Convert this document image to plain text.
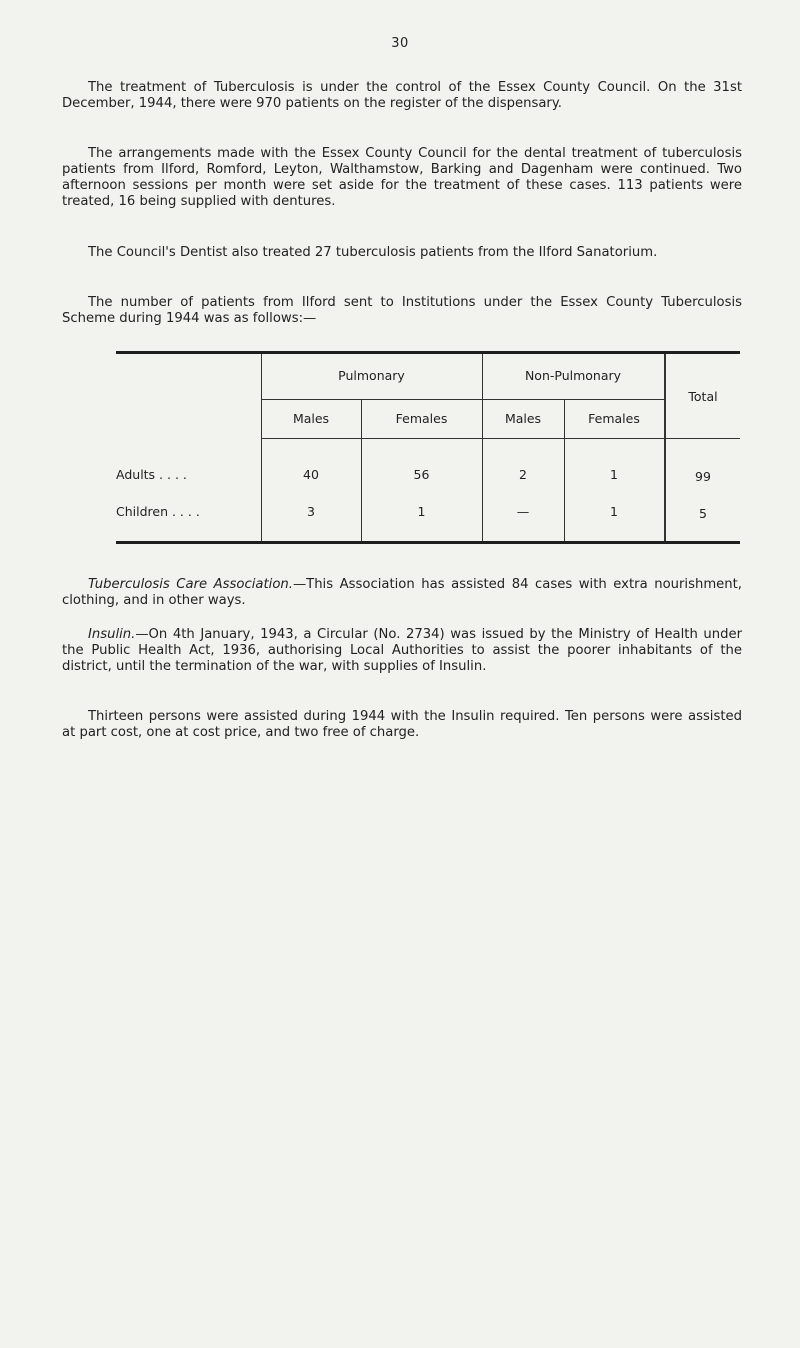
30

The treatment of Tuberculosis is under the control of the Essex County Council. On the 31st December, 1944, there were 970 patients on the register of the dispensary.

The arrangements made with the Essex County Council for the dental treatment of tuberculosis patients from Ilford, Romford, Leyton, Walthamstow, Barking and Dagenham were continued. Two afternoon sessions per month were set aside for the treatment of these cases. 113 patients were treated, 16 being supplied with dentures.

The Council's Dentist also treated 27 tuberculosis patients from the Ilford Sanatorium.

The number of patients from Ilford sent to Institutions under the Essex County Tuberculosis Scheme during 1944 was as follows:—

Pulmonary	Non-Pulmonary
Total
Males	Females	Males	Females
Adults . . . .	40	56	2	1	99
Children . . . .	3	1	—	1	5

Tuberculosis Care Association.—This Association has assisted 84 cases with extra nourishment, clothing, and in other ways.

Insulin.—On 4th January, 1943, a Circular (No. 2734) was issued by the Ministry of Health under the Public Health Act, 1936, authorising Local Authorities to assist the poorer inhabitants of the district, until the termination of the war, with supplies of Insulin.

Thirteen persons were assisted during 1944 with the Insulin required. Ten persons were assisted at part cost, one at cost price, and two free of charge.
